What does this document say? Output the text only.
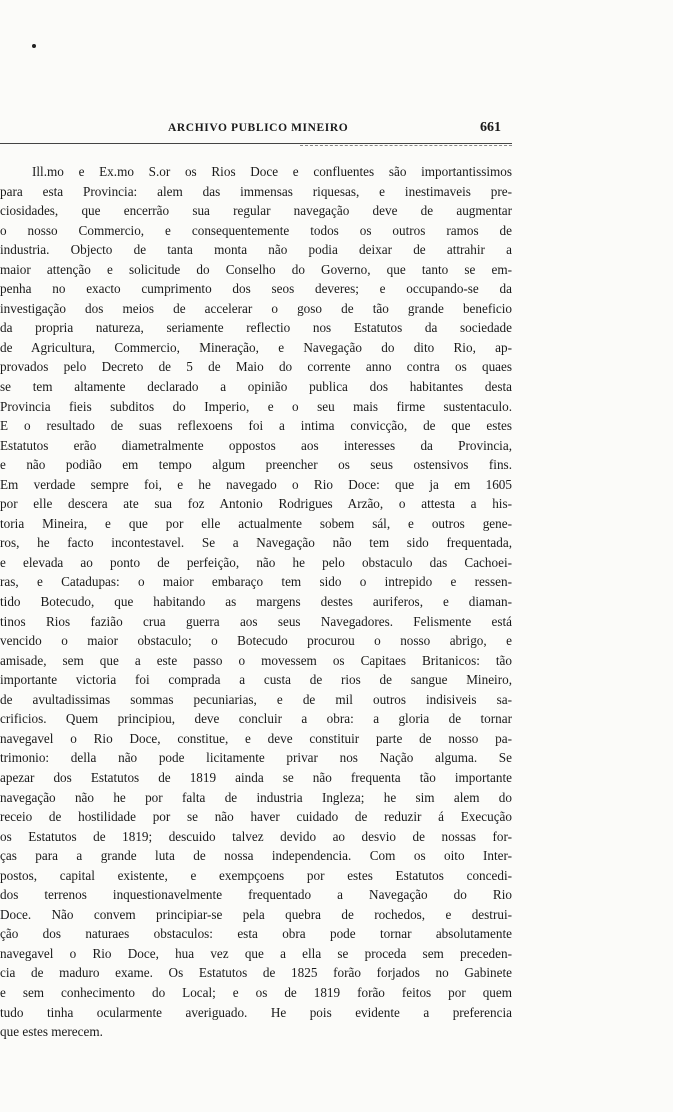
ARCHIVO PUBLICO MINEIRO	661
Ill.mo e Ex.mo S.or os Rios Doce e confluentes são importantissimos
para esta Provincia: alem das immensas riquesas, e inestimaveis pre-
ciosidades, que encerrão sua regular navegação deve de augmentar
o nosso Commercio, e consequentemente todos os outros ramos de
industria. Objecto de tanta monta não podia deixar de attrahir a
maior attenção e solicitude do Conselho do Governo, que tanto se em-
penha no exacto cumprimento dos seos deveres; e occupando-se da
investigação dos meios de accelerar o goso de tão grande beneficio
da propria natureza, seriamente reflectio nos Estatutos da sociedade
de Agricultura, Commercio, Mineração, e Navegação do dito Rio, ap-
provados pelo Decreto de 5 de Maio do corrente anno contra os quaes
se tem altamente declarado a opinião publica dos habitantes desta
Provincia fieis subditos do Imperio, e o seu mais firme sustentaculo.
E o resultado de suas reflexoens foi a intima convicção, de que estes
Estatutos erão diametralmente oppostos aos interesses da Provincia,
e não podião em tempo algum preencher os seus ostensivos fins.
Em verdade sempre foi, e he navegado o Rio Doce: que ja em 1605
por elle descera ate sua foz Antonio Rodrigues Arzão, o attesta a his-
toria Mineira, e que por elle actualmente sobem sál, e outros gene-
ros, he facto incontestavel. Se a Navegação não tem sido frequentada,
e elevada ao ponto de perfeição, não he pelo obstaculo das Cachoei-
ras, e Catadupas: o maior embaraço tem sido o intrepido e ressen-
tido Botecudo, que habitando as margens destes auriferos, e diaman-
tinos Rios fazião crua guerra aos seus Navegadores. Felismente está
vencido o maior obstaculo; o Botecudo procurou o nosso abrigo, e
amisade, sem que a este passo o movessem os Capitaes Britanicos: tão
importante victoria foi comprada a custa de rios de sangue Mineiro,
de avultadissimas sommas pecuniarias, e de mil outros indisiveis sa-
crificios. Quem principiou, deve concluir a obra: a gloria de tornar
navegavel o Rio Doce, constitue, e deve constituir parte de nosso pa-
trimonio: della não pode licitamente privar nos Nação alguma. Se
apezar dos Estatutos de 1819 ainda se não frequenta tão importante
navegação não he por falta de industria Ingleza; he sim alem do
receio de hostilidade por se não haver cuidado de reduzir á Execução
os Estatutos de 1819; descuido talvez devido ao desvio de nossas for-
ças para a grande luta de nossa independencia. Com os oito Inter-
postos, capital existente, e exempçoens por estes Estatutos concedi-
dos terrenos inquestionavelmente frequentado a Navegação do Rio
Doce. Não convem principiar-se pela quebra de rochedos, e destrui-
ção dos naturaes obstaculos: esta obra pode tornar absolutamente
navegavel o Rio Doce, hua vez que a ella se proceda sem preceden-
cia de maduro exame. Os Estatutos de 1825 forão forjados no Gabinete
e sem conhecimento do Local; e os de 1819 forão feitos por quem
tudo tinha ocularmente averiguado. He pois evidente a preferencia
que estes merecem.
